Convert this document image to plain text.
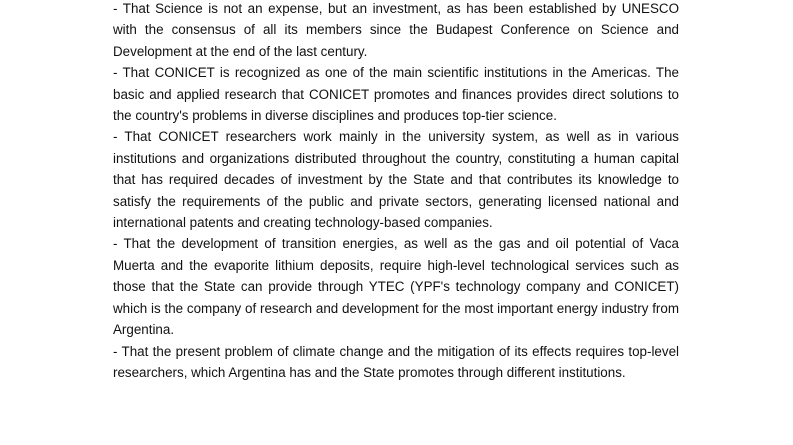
- That Science is not an expense, but an investment, as has been established by UNESCO with the consensus of all its members since the Budapest Conference on Science and Development at the end of the last century.

- That CONICET is recognized as one of the main scientific institutions in the Americas. The basic and applied research that CONICET promotes and finances provides direct solutions to the country's problems in diverse disciplines and produces top-tier science.

- That CONICET researchers work mainly in the university system, as well as in various institutions and organizations distributed throughout the country, constituting a human capital that has required decades of investment by the State and that contributes its knowledge to satisfy the requirements of the public and private sectors, generating licensed national and international patents and creating technology-based companies.

- That the development of transition energies, as well as the gas and oil potential of Vaca Muerta and the evaporite lithium deposits, require high-level technological services such as those that the State can provide through YTEC (YPF's technology company and CONICET) which is the company of research and development for the most important energy industry from Argentina.

- That the present problem of climate change and the mitigation of its effects requires top-level researchers, which Argentina has and the State promotes through different institutions.
